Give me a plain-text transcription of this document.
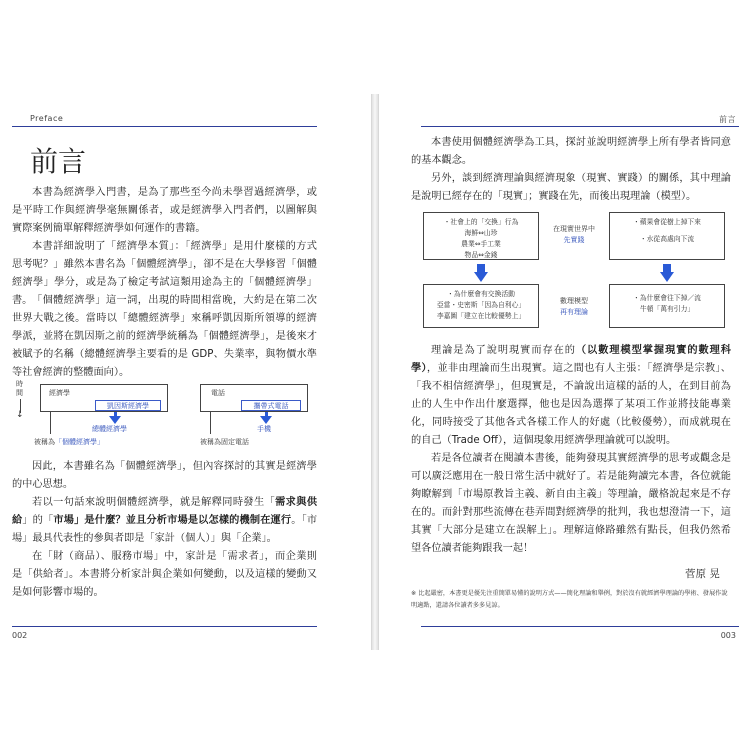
Preface
前言

本書為經濟學入門書，是為了那些至今尚未學習過經濟學，或是平時工作與經濟學毫無關係者，或是經濟學入門者們，以圖解與實際案例簡單解釋經濟學如何運作的書籍。

本書詳細說明了「經濟學本質」：「經濟學」是用什麼樣的方式思考呢？」雖然本書名為「個體經濟學」，卻不是在大學修習「個體經濟學」學分，或是為了檢定考試這類用途為主的「個體經濟學」書。 「個體經濟學」這一詞，出現的時間相當晚，大約是在第二次世界大戰之後。當時以「總體經濟學」來稱呼凱因斯所領導的經濟學派，並將在凱因斯之前的經濟學統稱為「個體經濟學」，是後來才被賦予的名稱（總體經濟學主要看的是 GDP、失業率，與物價水準等社會經濟的整體面向）。

時間
↓
經濟學
凱因斯經濟學
總體經濟學
被稱為「個體經濟學」
電話
攜帶式電話
手機
被稱為固定電話

因此，本書雖名為「個體經濟學」，但內容探討的其實是經濟學的中心思想。

若以一句話來說明個體經濟學，就是解釋同時發生「需求與供給」的「市場」是什麼？並且分析市場是以怎樣的機制在運行。「市場」最具代表性的參與者即是「家計（個人）」與「企業」。

在「財（商品）、服務市場」中，家計是「需求者」，而企業則是「供給者」。本書將分析家計與企業如何變動，以及這樣的變動又是如何影響市場的。

002
前言

本書使用個體經濟學為工具，探討並說明經濟學上所有學者皆同意的基本觀念。

另外，談到經濟理論與經濟現象（現實、實踐）的關係，其中理論是說明已經存在的「現實」；實踐在先，而後出現理論（模型）。

・社會上的「交換」行為
海鮮⇔山珍
農業⇔手工業
物品⇔金錢
在現實世界中
先實踐
・蘋果會從樹上掉下來
・水從高處向下流
・為什麼會有交換活動
亞當・史密斯「因為自利心」
李嘉圖「建立在比較優勢上」
數理模型
再有理論
・為什麼會往下掉／流
牛頓「萬有引力」

理論是為了說明現實而存在的（以數理模型掌握現實的數理科學），並非由理論而生出現實。這之間也有人主張：「經濟學是宗教」、「我不相信經濟學」，但現實是，不論說出這樣的話的人，在到目前為止的人生中作出什麼選擇，他也是因為選擇了某項工作並將技能專業化，同時接受了其他各式各樣工作人的好處（比較優勢），而成就現在的自己（Trade Off），這個現象用經濟學理論就可以說明。

若是各位讀者在閱讀本書後，能夠發現其實經濟學的思考或觀念是可以廣泛應用在一般日常生活中就好了。若是能夠讀完本書，各位就能夠瞭解到「市場原教旨主義、新自由主義」等理論，嚴格說起來是不存在的。而針對那些流傳在巷弄間對經濟學的批判，我也想澄清一下，這其實「大部分是建立在誤解上」。理解這條路雖然有點長，但我仍然希望各位讀者能夠跟我一起！

菅原 晃

※ 比起嚴密，本書更是優先注重簡單易懂的說明方式——簡化理論和舉例，對於沒有就經濟學理論的學術、發展作說明適點，還請各位讀者多多見諒。

003
